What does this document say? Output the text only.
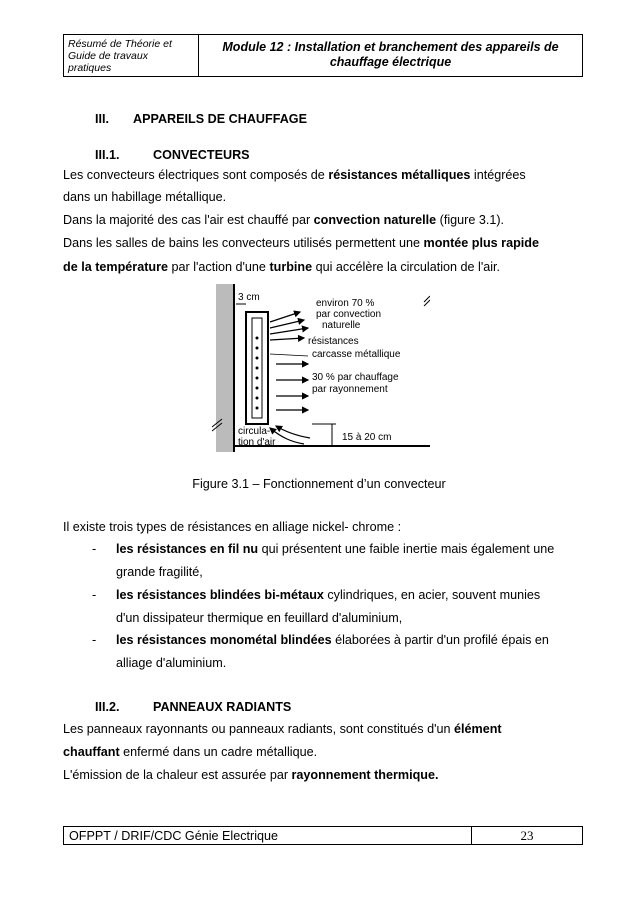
Résumé de Théorie et
Guide de travaux
pratiques
Module 12 : Installation et branchement des appareils de
chauffage électrique
III. APPAREILS DE CHAUFFAGE
III.1.	CONVECTEURS
Les convecteurs électriques sont composés de résistances métalliques intégrées
dans un habillage métallique.
Dans la majorité des cas l'air est chauffé par convection naturelle (figure 3.1).
Dans les salles de bains les convecteurs utilisés permettent une montée plus rapide
de la température par l'action d'une turbine qui accélère la circulation de l'air.
3 cm
environ 70 %
par convection
naturelle
résistances
carcasse métallique
30 % par chauffage
par rayonnement
circula-
tion d'air	15 à 20 cm
Figure 3.1 – Fonctionnement d’un convecteur
Il existe trois types de résistances en alliage nickel- chrome :
- les résistances en fil nu qui présentent une faible inertie mais également une
grande fragilité,
- les résistances blindées bi-métaux cylindriques, en acier, souvent munies
d'un dissipateur thermique en feuillard d'aluminium,
- les résistances monométal blindées élaborées à partir d'un profilé épais en
alliage d'aluminium.
III.2.	PANNEAUX RADIANTS
Les panneaux rayonnants ou panneaux radiants, sont constitués d'un élément
chauffant enfermé dans un cadre métallique.
L'émission de la chaleur est assurée par rayonnement thermique.
OFPPT / DRIF/CDC Génie Electrique	23
